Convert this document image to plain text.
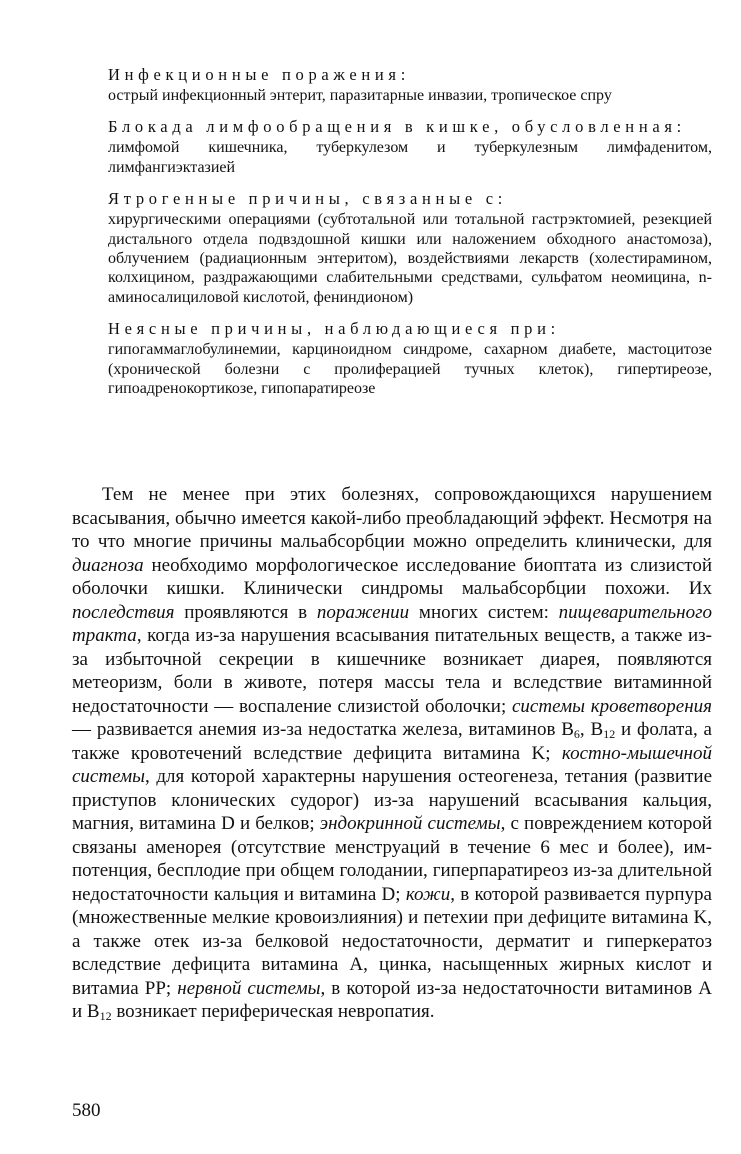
Инфекционные поражения:

острый инфекционный энтерит, паразитарные инвазии, тропическое спру

Блокада лимфообращения в кишке, обусловленная:

лимфомой кишечника, туберкулезом и туберкулезным лимфаденитом, лимфангиэктазией

Ятрогенные причины, связанные с:

хирургическими операциями (субтотальной или тотальной гастрэктомией, резекцией дистального отдела подвздошной кишки или наложением обходного анастомоза), облучением (радиационным энтеритом), воздействиями лекарств (холестирамином, колхицином, раздражающими слабительными средствами, сульфатом неомицина, n-аминосалициловой кислотой, фениндионом)

Неясные причины, наблюдающиеся при:

гипогаммаглобулинемии, карциноидном синдроме, сахарном диабете, мастоцитозе (хронической болезни с пролиферацией тучных клеток), гипертиреозе, гипоадренокортикозе, гипопаратиреозе

Тем не менее при этих болезнях, сопровождающихся нарушением всасывания, обычно имеется какой-либо преобладающий эффект. Несмотря на то что многие причины мальабсорбции можно определить клинически, для диагноза необходимо морфологическое исследование биоптата из слизистой оболочки кишки. Клинически синдромы мальабсорбции похожи. Их последствия проявляются в поражении многих систем: пищеварительного тракта, когда из-за нарушения всасывания питательных веществ, а также из-за избыточной секреции в кишечнике возникает диарея, появляются метеоризм, боли в животе, потеря массы тела и вследствие витаминной недостаточности — воспаление слизистой оболочки; системы кроветворения — развивается анемия из-за недостатка железа, витаминов $B_6$, $B_{12}$ и фолата, а также кровотечений вследствие дефицита витамина K; костно-мышечной системы, для которой характерны нарушения остеогенеза, тетания (развитие приступов клонических судорог) из-за нарушений всасывания кальция, магния, витамина D и белков; эндокринной системы, с повреждением которой связаны аменорея (отсутствие менструаций в течение 6 мес и более), импотенция, бесплодие при общем голодании, гиперпаратиреоз из-за длительной недостаточности кальция и витамина D; кожи, в которой развивается пурпура (множественные мелкие кровоизлияния) и петехии при дефиците витамина K, а также отек из-за белковой недостаточности, дерматит и гиперкератоз вследствие дефицита витамина A, цинка, насыщенных жирных кислот и витамиа PP; нервной системы, в которой из-за недостаточности витаминов A и $B_{12}$ возникает периферическая невропатия.

580
